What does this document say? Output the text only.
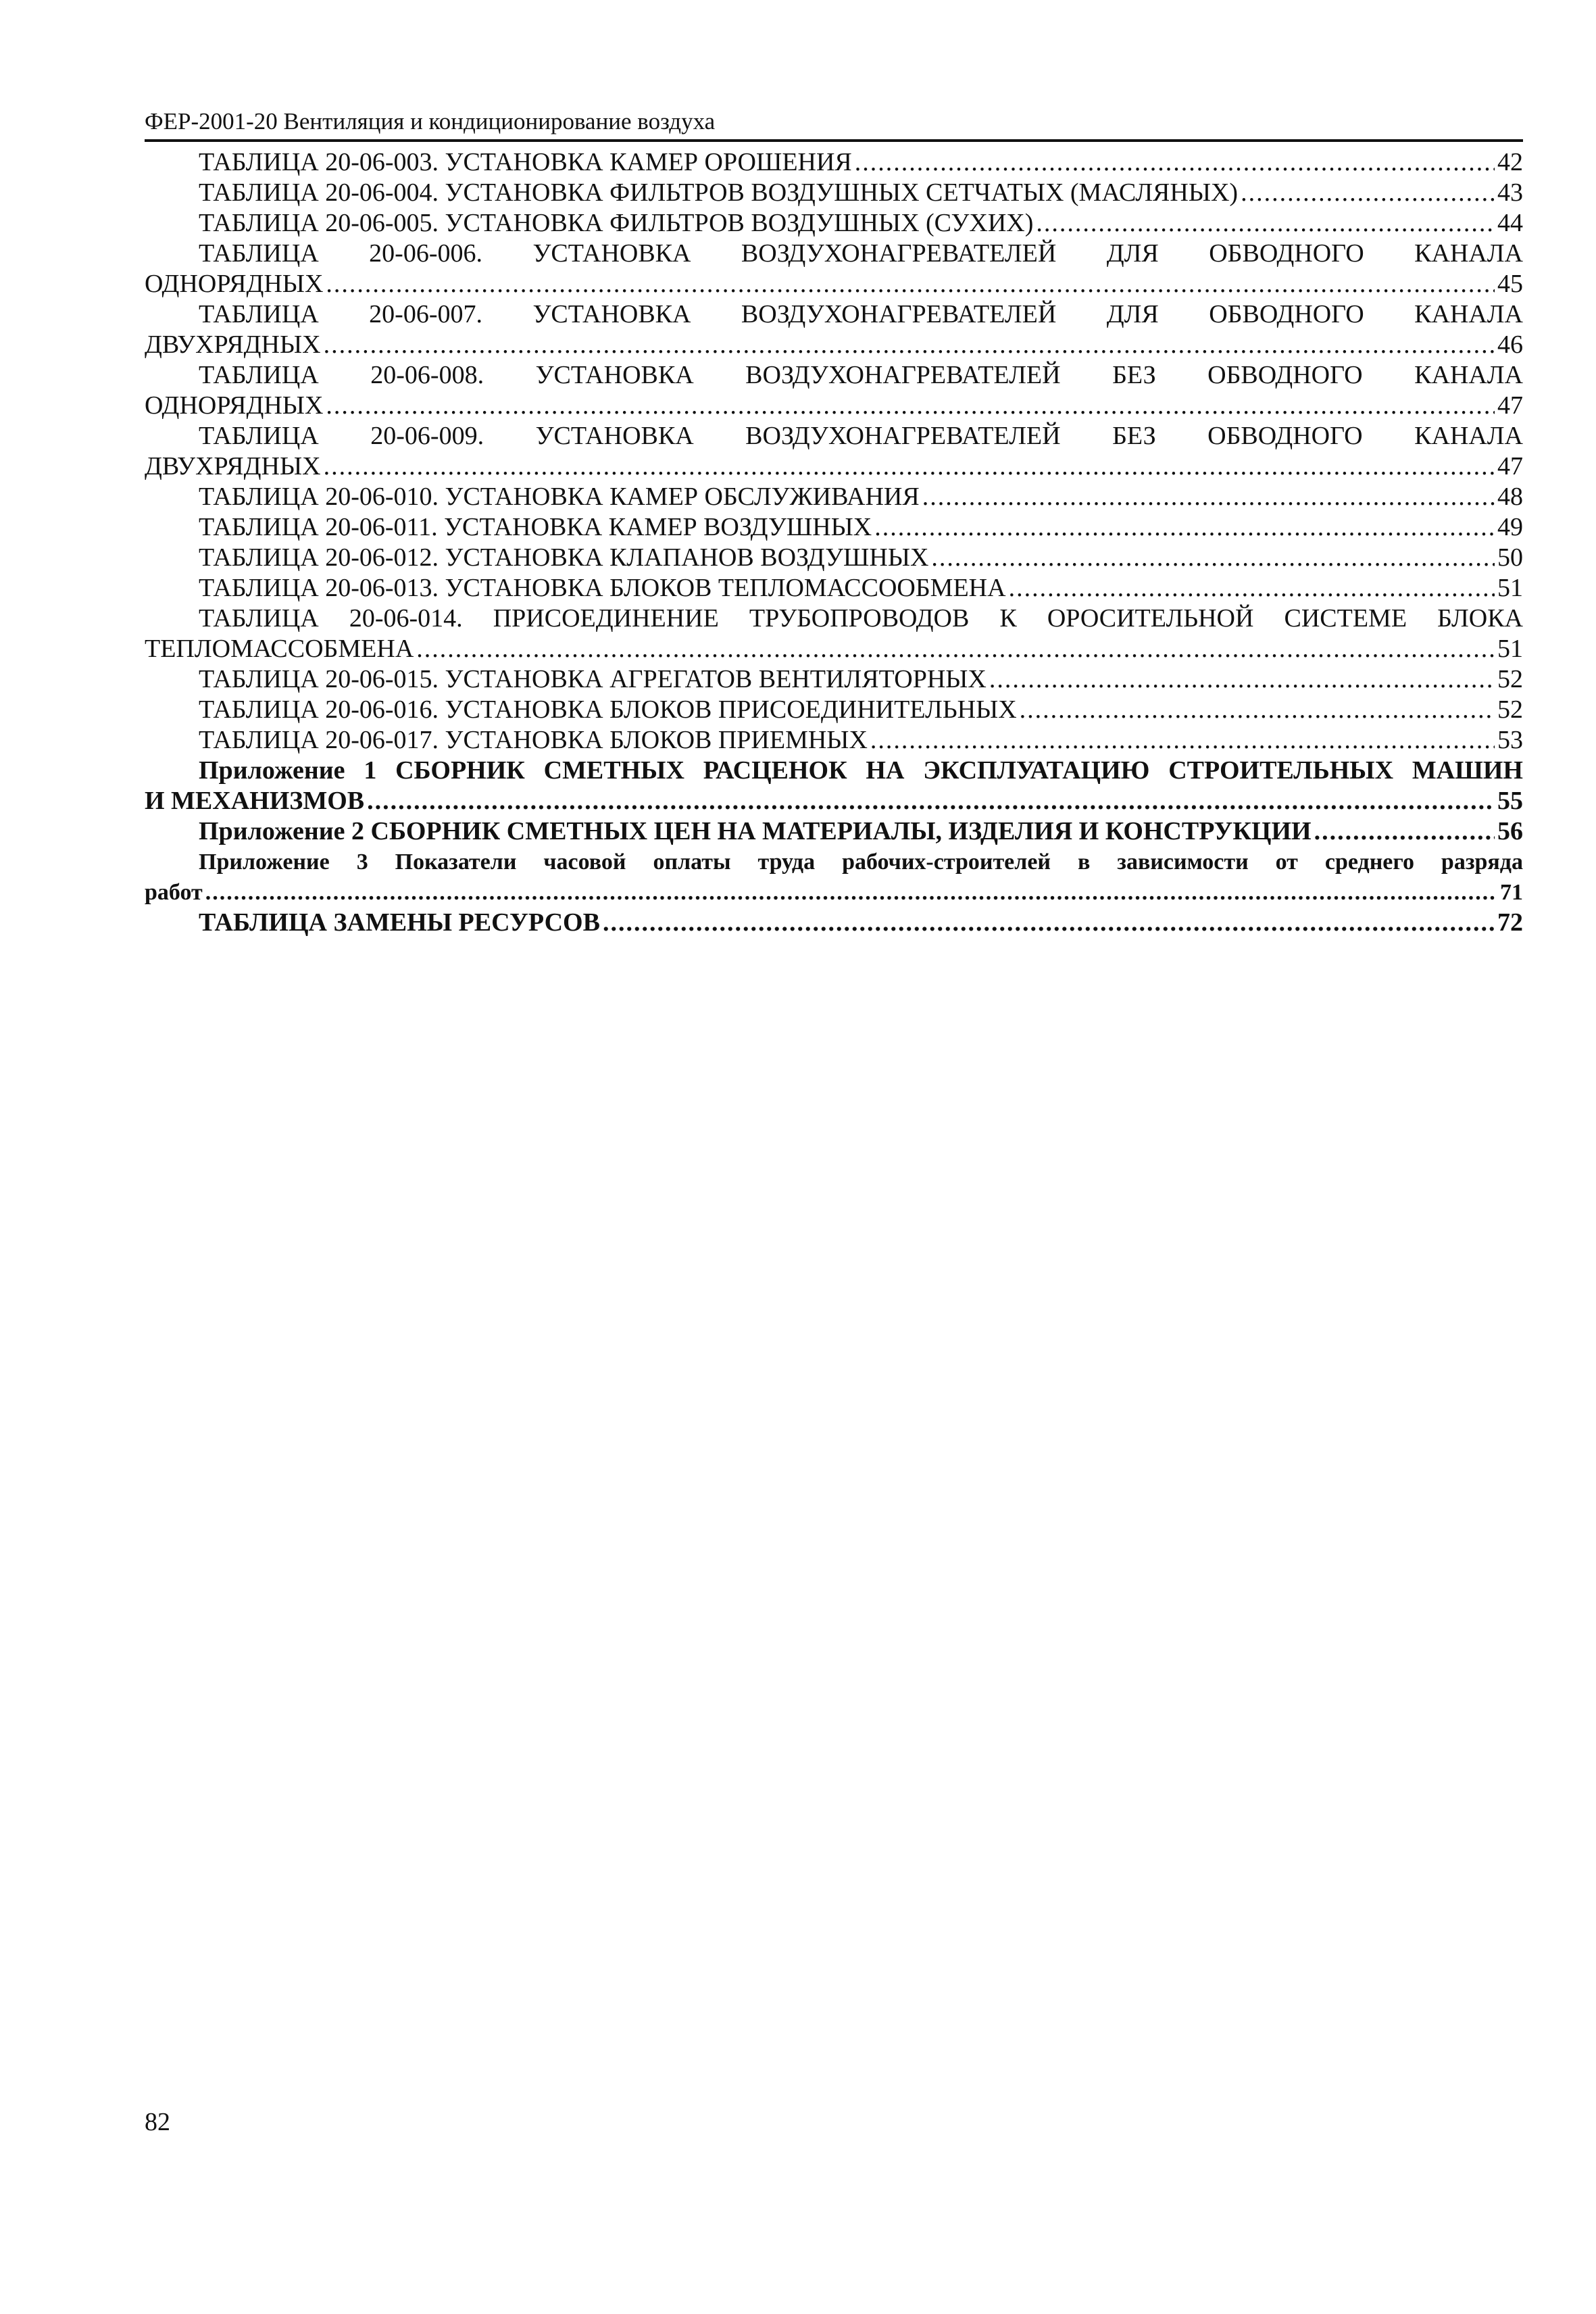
ФЕР-2001-20 Вентиляция и кондиционирование воздуха
ТАБЛИЦА 20-06-003. УСТАНОВКА КАМЕР ОРОШЕНИЯ .....	42
ТАБЛИЦА 20-06-004. УСТАНОВКА ФИЛЬТРОВ ВОЗДУШНЫХ СЕТЧАТЫХ (МАСЛЯНЫХ) .....	43
ТАБЛИЦА 20-06-005. УСТАНОВКА ФИЛЬТРОВ ВОЗДУШНЫХ (СУХИХ) .....	44
ТАБЛИЦА 20-06-006. УСТАНОВКА ВОЗДУХОНАГРЕВАТЕЛЕЙ ДЛЯ ОБВОДНОГО КАНАЛА
ОДНОРЯДНЫХ .....	45
ТАБЛИЦА 20-06-007. УСТАНОВКА ВОЗДУХОНАГРЕВАТЕЛЕЙ ДЛЯ ОБВОДНОГО КАНАЛА
ДВУХРЯДНЫХ .....	46
ТАБЛИЦА 20-06-008. УСТАНОВКА ВОЗДУХОНАГРЕВАТЕЛЕЙ БЕЗ ОБВОДНОГО КАНАЛА
ОДНОРЯДНЫХ .....	47
ТАБЛИЦА 20-06-009. УСТАНОВКА ВОЗДУХОНАГРЕВАТЕЛЕЙ БЕЗ ОБВОДНОГО КАНАЛА
ДВУХРЯДНЫХ .....	47
ТАБЛИЦА 20-06-010. УСТАНОВКА КАМЕР ОБСЛУЖИВАНИЯ .....	48
ТАБЛИЦА 20-06-011. УСТАНОВКА КАМЕР ВОЗДУШНЫХ .....	49
ТАБЛИЦА 20-06-012. УСТАНОВКА КЛАПАНОВ ВОЗДУШНЫХ .....	50
ТАБЛИЦА 20-06-013. УСТАНОВКА БЛОКОВ ТЕПЛОМАССООБМЕНА .....	51
ТАБЛИЦА 20-06-014. ПРИСОЕДИНЕНИЕ ТРУБОПРОВОДОВ К ОРОСИТЕЛЬНОЙ СИСТЕМЕ БЛОКА
ТЕПЛОМАССОБМЕНА .....	51
ТАБЛИЦА 20-06-015. УСТАНОВКА АГРЕГАТОВ ВЕНТИЛЯТОРНЫХ .....	52
ТАБЛИЦА 20-06-016. УСТАНОВКА БЛОКОВ ПРИСОЕДИНИТЕЛЬНЫХ .....	52
ТАБЛИЦА 20-06-017. УСТАНОВКА БЛОКОВ ПРИЕМНЫХ .....	53
Приложение 1 СБОРНИК СМЕТНЫХ РАСЦЕНОК НА ЭКСПЛУАТАЦИЮ СТРОИТЕЛЬНЫХ МАШИН
И МЕХАНИЗМОВ .....	55
Приложение 2 СБОРНИК СМЕТНЫХ ЦЕН НА МАТЕРИАЛЫ, ИЗДЕЛИЯ И КОНСТРУКЦИИ .....	56
Приложение 3 Показатели часовой оплаты труда рабочих-строителей в зависимости от среднего разряда
работ .....	71
ТАБЛИЦА ЗАМЕНЫ РЕСУРСОВ .....	72
82
